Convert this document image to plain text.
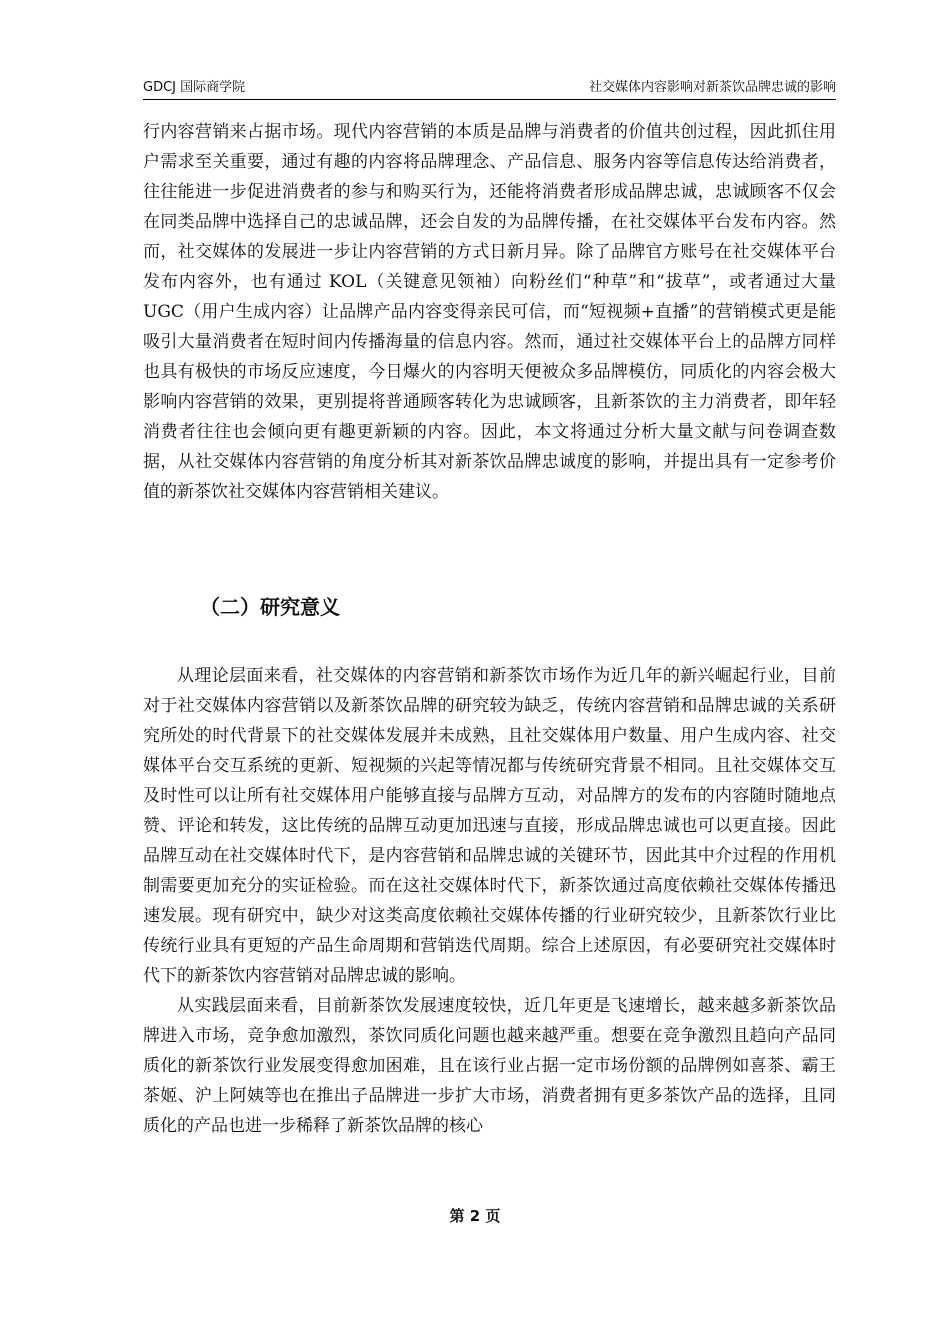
GDCJ 国际商学院	社交媒体内容影响对新茶饮品牌忠诚的影响

行内容营销来占据市场。现代内容营销的本质是品牌与消费者的价值共创过程，因此抓住用户需求至关重要，通过有趣的内容将品牌理念、产品信息、服务内容等信息传达给消费者，往往能进一步促进消费者的参与和购买行为，还能将消费者形成品牌忠诚，忠诚顾客不仅会在同类品牌中选择自己的忠诚品牌，还会自发的为品牌传播，在社交媒体平台发布内容。然而，社交媒体的发展进一步让内容营销的方式日新月异。除了品牌官方账号在社交媒体平台发布内容外，也有通过 KOL（关键意见领袖）向粉丝们“种草”和“拔草”，或者通过大量 UGC（用户生成内容）让品牌产品内容变得亲民可信，而“短视频+直播”的营销模式更是能吸引大量消费者在短时间内传播海量的信息内容。然而，通过社交媒体平台上的品牌方同样也具有极快的市场反应速度，今日爆火的内容明天便被众多品牌模仿，同质化的内容会极大影响内容营销的效果，更别提将普通顾客转化为忠诚顾客，且新茶饮的主力消费者，即年轻消费者往往也会倾向更有趣更新颖的内容。因此，本文将通过分析大量文献与问卷调查数据，从社交媒体内容营销的角度分析其对新茶饮品牌忠诚度的影响，并提出具有一定参考价值的新茶饮社交媒体内容营销相关建议。

（二）研究意义

从理论层面来看，社交媒体的内容营销和新茶饮市场作为近几年的新兴崛起行业，目前对于社交媒体内容营销以及新茶饮品牌的研究较为缺乏，传统内容营销和品牌忠诚的关系研究所处的时代背景下的社交媒体发展并未成熟，且社交媒体用户数量、用户生成内容、社交媒体平台交互系统的更新、短视频的兴起等情况都与传统研究背景不相同。且社交媒体交互及时性可以让所有社交媒体用户能够直接与品牌方互动，对品牌方的发布的内容随时随地点赞、评论和转发，这比传统的品牌互动更加迅速与直接，形成品牌忠诚也可以更直接。因此品牌互动在社交媒体时代下，是内容营销和品牌忠诚的关键环节，因此其中介过程的作用机制需要更加充分的实证检验。而在这社交媒体时代下，新茶饮通过高度依赖社交媒体传播迅速发展。现有研究中，缺少对这类高度依赖社交媒体传播的行业研究较少，且新茶饮行业比传统行业具有更短的产品生命周期和营销迭代周期。综合上述原因，有必要研究社交媒体时代下的新茶饮内容营销对品牌忠诚的影响。

从实践层面来看，目前新茶饮发展速度较快，近几年更是飞速增长，越来越多新茶饮品牌进入市场，竞争愈加激烈，茶饮同质化问题也越来越严重。想要在竞争激烈且趋向产品同质化的新茶饮行业发展变得愈加困难，且在该行业占据一定市场份额的品牌例如喜茶、霸王茶姬、沪上阿姨等也在推出子品牌进一步扩大市场，消费者拥有更多茶饮产品的选择，且同质化的产品也进一步稀释了新茶饮品牌的核心

第 2 页
